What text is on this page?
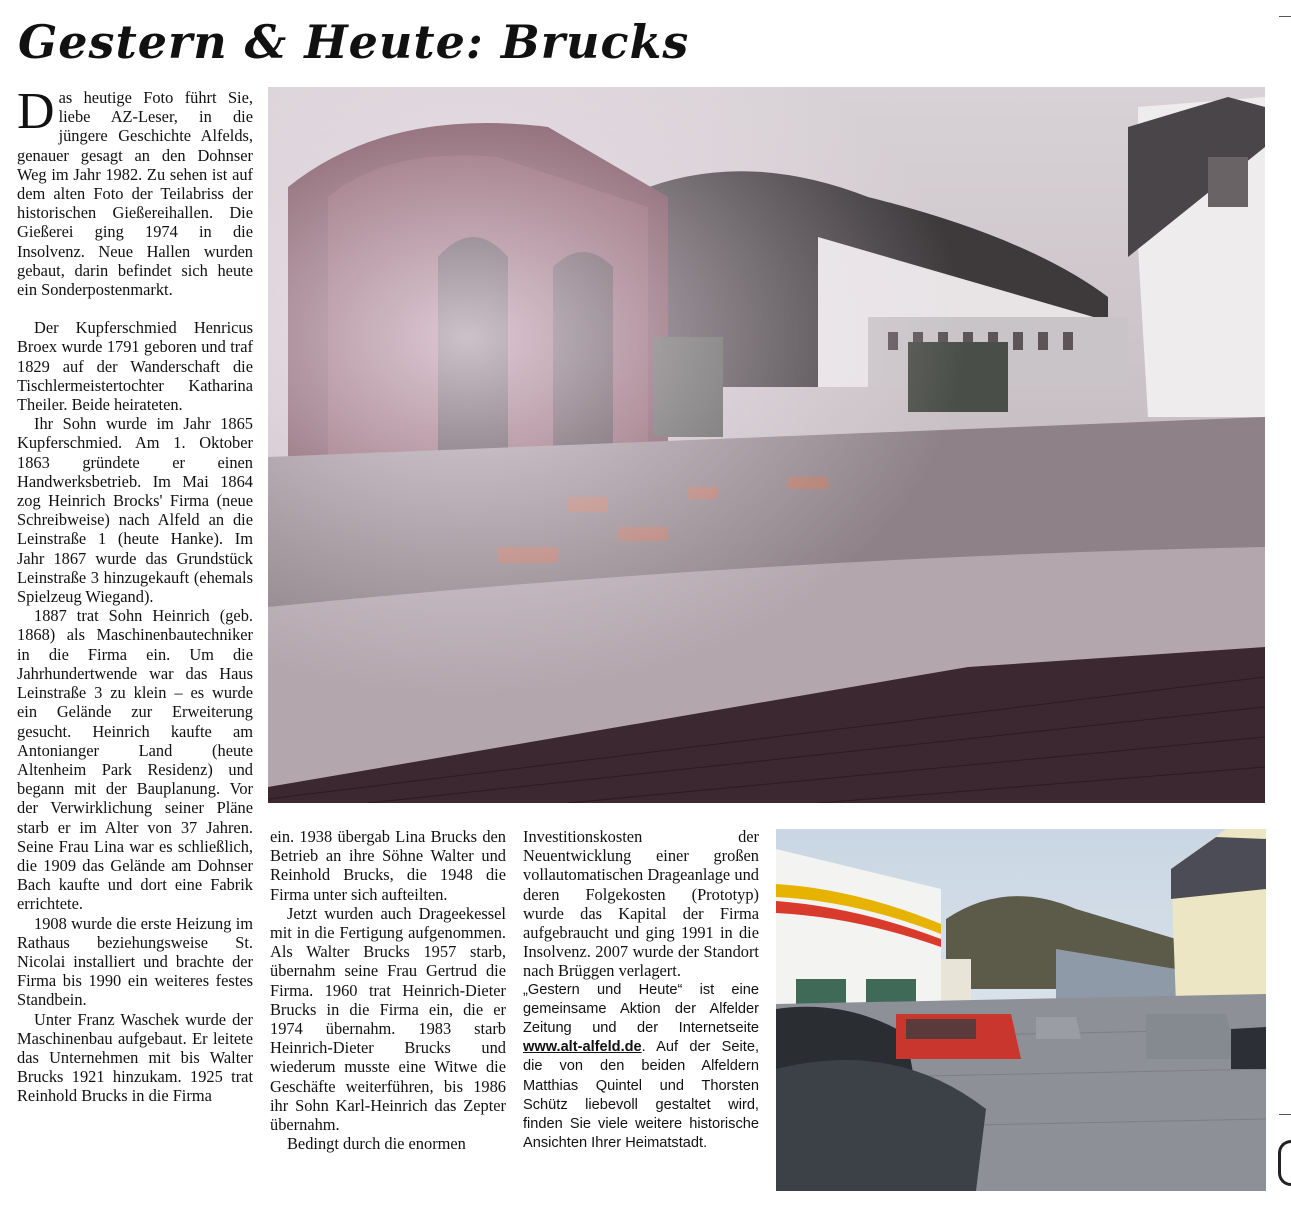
Gestern & Heute: Brucks

Das heutige Foto führt Sie, liebe AZ-Leser, in die jüngere Geschichte Alfelds, genauer gesagt an den Dohnser Weg im Jahr 1982. Zu sehen ist auf dem alten Foto der Teilabriss der historischen Gießereihallen. Die Gießerei ging 1974 in die Insolvenz. Neue Hallen wurden gebaut, darin befindet sich heute ein Sonderpostenmarkt.

Der Kupferschmied Henricus Broex wurde 1791 geboren und traf 1829 auf der Wanderschaft die Tischlermeistertochter Katharina Theiler. Beide heirateten.

Ihr Sohn wurde im Jahr 1865 Kupferschmied. Am 1. Oktober 1863 gründete er einen Handwerksbetrieb. Im Mai 1864 zog Heinrich Brocks' Firma (neue Schreibweise) nach Alfeld an die Leinstraße 1 (heute Hanke). Im Jahr 1867 wurde das Grundstück Leinstraße 3 hinzugekauft (ehemals Spielzeug Wiegand).

1887 trat Sohn Heinrich (geb. 1868) als Maschinenbautechniker in die Firma ein. Um die Jahrhundertwende war das Haus Leinstraße 3 zu klein – es wurde ein Gelände zur Erweiterung gesucht. Heinrich kaufte am Antonianger Land (heute Altenheim Park Residenz) und begann mit der Bauplanung. Vor der Verwirklichung seiner Pläne starb er im Alter von 37 Jahren. Seine Frau Lina war es schließlich, die 1909 das Gelände am Dohnser Bach kaufte und dort eine Fabrik errichtete.

1908 wurde die erste Heizung im Rathaus beziehungsweise St. Nicolai installiert und brachte der Firma bis 1990 ein weiteres festes Standbein.

Unter Franz Waschek wurde der Maschinenbau aufgebaut. Er leitete das Unternehmen mit bis Walter Brucks 1921 hinzukam. 1925 trat Reinhold Brucks in die Firma

ein. 1938 übergab Lina Brucks den Betrieb an ihre Söhne Walter und Reinhold Brucks, die 1948 die Firma unter sich aufteilten.

Jetzt wurden auch Drageekessel mit in die Fertigung aufgenommen. Als Walter Brucks 1957 starb, übernahm seine Frau Gertrud die Firma. 1960 trat Heinrich-Dieter Brucks in die Firma ein, die er 1974 übernahm. 1983 starb Heinrich-Dieter Brucks und wiederum musste eine Witwe die Geschäfte weiterführen, bis 1986 ihr Sohn Karl-Heinrich das Zepter übernahm.

Bedingt durch die enormen

Investitionskosten der Neuentwicklung einer großen vollautomatischen Drageanlage und deren Folgekosten (Prototyp) wurde das Kapital der Firma aufgebraucht und ging 1991 in die Insolvenz. 2007 wurde der Standort nach Brüggen verlagert.

„Gestern und Heute“ ist eine gemeinsame Aktion der Alfelder Zeitung und der Internetseite www.alt-alfeld.de. Auf der Seite, die von den beiden Alfeldern Matthias Quintel und Thorsten Schütz liebevoll gestaltet wird, finden Sie viele weitere historische Ansichten Ihrer Heimatstadt.
